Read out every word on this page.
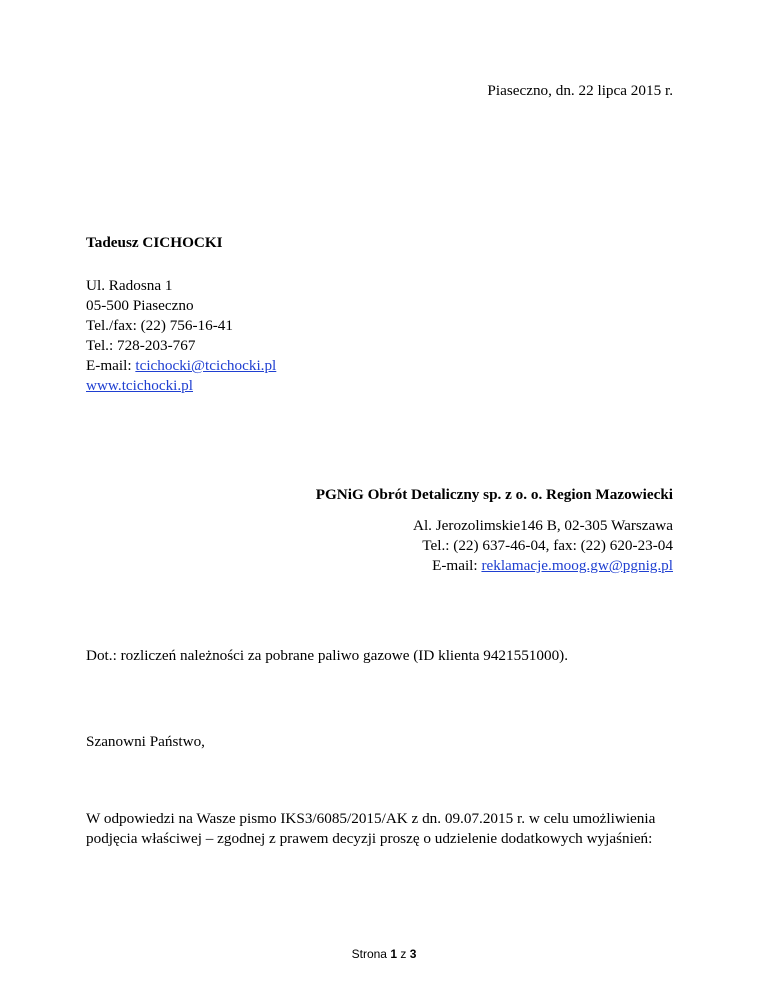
Piaseczno, dn. 22 lipca 2015 r.
Tadeusz CICHOCKI
Ul. Radosna 1
05-500 Piaseczno
Tel./fax: (22) 756-16-41
Tel.: 728-203-767
E-mail: tcichocki@tcichocki.pl
www.tcichocki.pl
PGNiG Obrót Detaliczny sp. z o. o. Region Mazowiecki
Al. Jerozolimskie146 B, 02-305 Warszawa
Tel.: (22) 637-46-04, fax: (22) 620-23-04
E-mail: reklamacje.moog.gw@pgnig.pl
Dot.: rozliczeń należności za pobrane paliwo gazowe (ID klienta 9421551000).
Szanowni Państwo,
W odpowiedzi na Wasze pismo IKS3/6085/2015/AK z dn. 09.07.2015 r. w celu umożliwienia
podjęcia właściwej – zgodnej z prawem decyzji proszę o udzielenie dodatkowych wyjaśnień:
Strona 1 z 3
